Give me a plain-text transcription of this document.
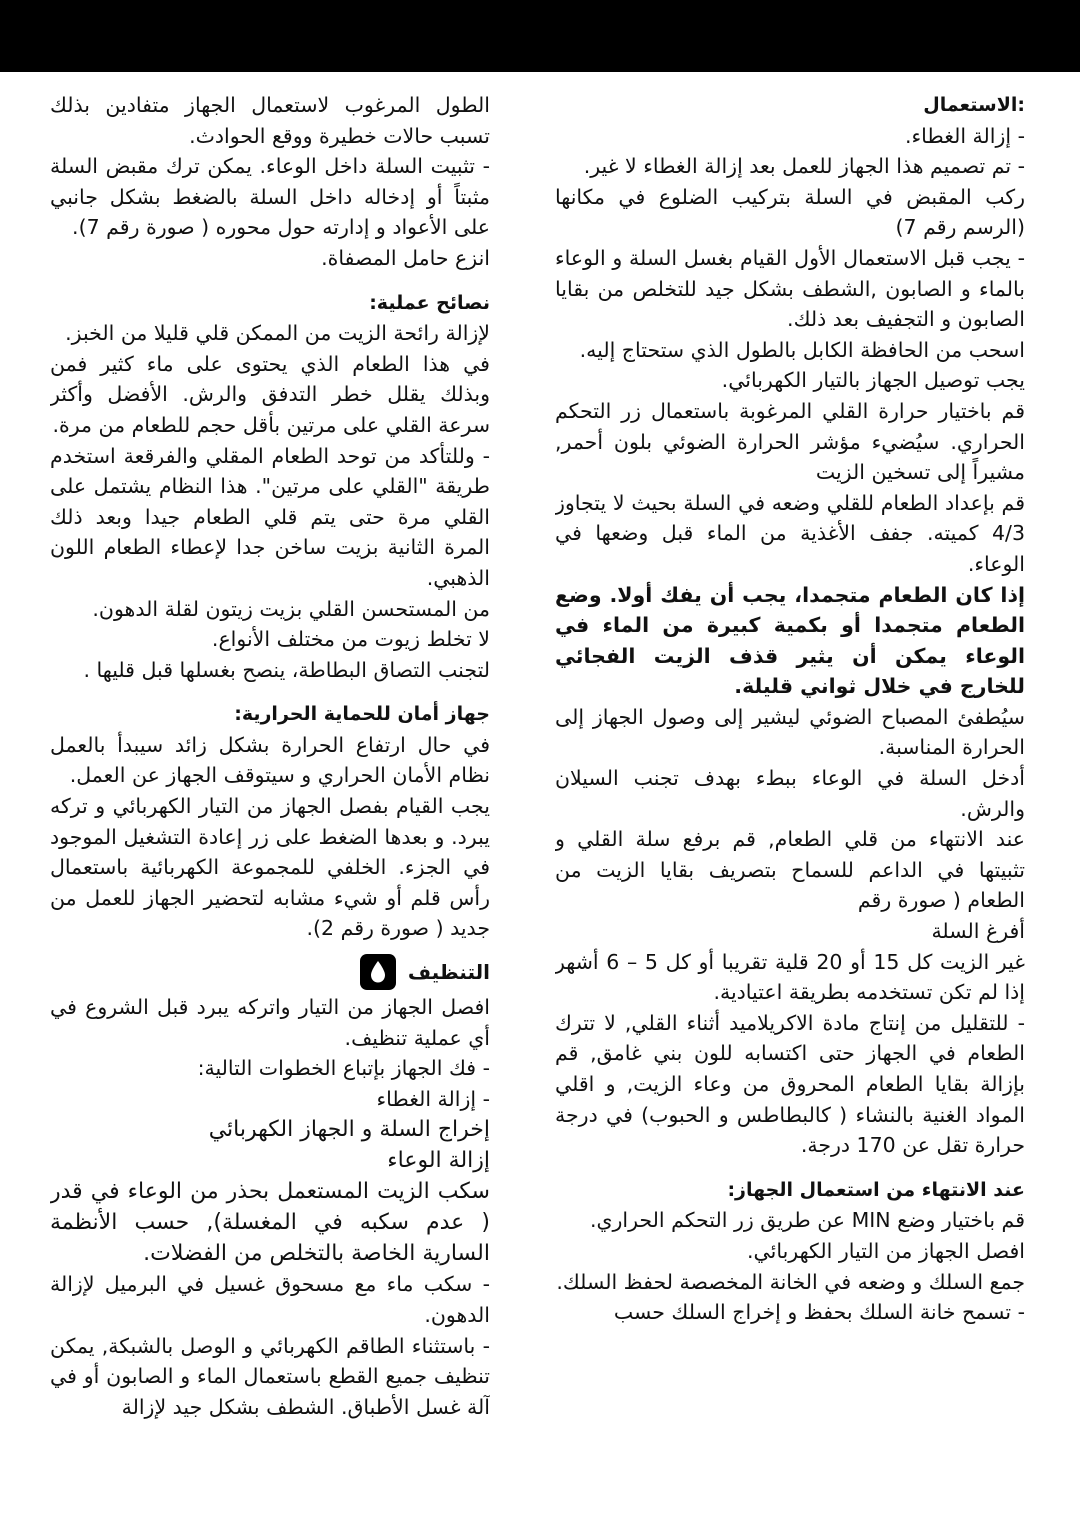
:الاستعمال

- إزالة الغطاء.

- تم تصميم هذا الجهاز للعمل بعد إزالة الغطاء لا غير.

ركب المقبض في السلة بتركيب الضلوع في مكانها (الرسم رقم 7)

- يجب قبل الاستعمال الأول القيام بغسل السلة و الوعاء بالماء و الصابون ,الشطف بشكل جيد للتخلص من بقايا الصابون و التجفيف بعد ذلك.

اسحب من الحافظة الكابل بالطول الذي ستحتاج إليه.

يجب توصيل الجهاز بالتيار الكهربائي.

قم باختيار حرارة القلي المرغوبة باستعمال زر التحكم الحراري. سيُضيء مؤشر الحرارة الضوئي بلون أحمر, مشيراً إلى تسخين الزيت

قم بإعداد الطعام للقلي وضعه في السلة بحيث لا يتجاوز 4/3 كميته. جفف الأغذية من الماء قبل وضعها في الوعاء.

إذا كان الطعام متجمدا، يجب أن يفك أولا. وضع الطعام متجمدا أو بكمية كبيرة من الماء في الوعاء يمكن أن يثير قذف الزيت الفجائي للخارج في خلال ثواني قليلة.

سيُطفئ المصباح الضوئي ليشير إلى وصول الجهاز إلى الحرارة المناسبة.

أدخل السلة في الوعاء ببطء بهدف تجنب السيلان والرش.

عند الانتهاء من قلي الطعام, قم برفع سلة القلي و تثبيتها في الداعم للسماح بتصريف بقايا الزيت من الطعام ( صورة رقم

أفرغ السلة

غير الزيت كل 15 أو 20 قلية تقريبا أو كل 5 – 6 أشهر إذا لم تكن تستخدمه بطريقة اعتيادية.

- للتقليل من إنتاج مادة الاكريلاميد أثناء القلي, لا تترك الطعام في الجهاز حتى اكتسابه للون بني غامق, قم بإزالة بقايا الطعام المحروق من وعاء الزيت, و اقلي المواد الغنية بالنشاء ( كالبطاطس و الحبوب) في درجة حرارة تقل عن 170 درجة.

عند الانتهاء من استعمال الجهاز:

قم باختيار وضع MIN عن طريق زر التحكم الحراري.

افصل الجهاز من التيار الكهربائي.

جمع السلك و وضعه في الخانة المخصصة لحفظ السلك.

- تسمح خانة السلك بحفظ و إخراج السلك حسب

الطول المرغوب لاستعمال الجهاز متفادين بذلك تسبب حالات خطيرة ووقع الحوادث.

- تثبيت السلة داخل الوعاء. يمكن ترك مقبض السلة مثبتاً أو إدخاله داخل السلة بالضغط بشكل جانبي على الأعواد و إدارته حول محوره ( صورة رقم 7).

انزع حامل المصفاة.

نصائح عملية:

لإزالة رائحة الزيت من الممكن قلي قليلا من الخبز.

في هذا الطعام الذي يحتوى على ماء كثير فمن وبذلك يقلل خطر التدفق والرش. الأفضل وأكثر سرعة القلي على مرتين بأقل حجم للطعام من مرة.

- وللتأكد من توحد الطعام المقلي والفرقعة استخدم طريقة "القلي على مرتين". هذا النظام يشتمل على القلي مرة حتى يتم قلي الطعام جيدا وبعد ذلك المرة الثانية بزيت ساخن جدا لإعطاء الطعام اللون الذهبي.

من المستحسن القلي بزيت زيتون لقلة الدهون.

لا تخلط زيوت من مختلف الأنواع.

لتجنب التصاق البطاطة، ينصح بغسلها قبل قليها .

جهاز أمان للحماية الحرارية:

في حال ارتفاع الحرارة بشكل زائد سيبدأ بالعمل نظام الأمان الحراري و سيتوقف الجهاز عن العمل.

يجب القيام بفصل الجهاز من التيار الكهربائي و تركه يبرد. و بعدها الضغط على زر إعادة التشغيل الموجود في الجزء. الخلفي للمجموعة الكهربائية باستعمال رأس قلم أو شيء مشابه لتحضير الجهاز للعمل من جديد ( صورة رقم 2).

التنظيف

افصل الجهاز من التيار واتركه يبرد قبل الشروع في أي عملية تنظيف.

- فك الجهاز بإتباع الخطوات التالية:

- إزالة الغطاء

إخراج السلة و الجهاز الكهربائي

إزالة الوعاء

سكب الزيت المستعمل بحذر من الوعاء في قدر ( عدم سكبه في المغسلة), حسب الأنظمة السارية الخاصة بالتخلص من الفضلات.

- سكب ماء مع مسحوق غسيل في البرميل لإزالة الدهون.

- باستثناء الطاقم الكهربائي و الوصل بالشبكة, يمكن تنظيف جميع القطع باستعمال الماء و الصابون أو في آلة غسل الأطباق. الشطف بشكل جيد لإزالة
